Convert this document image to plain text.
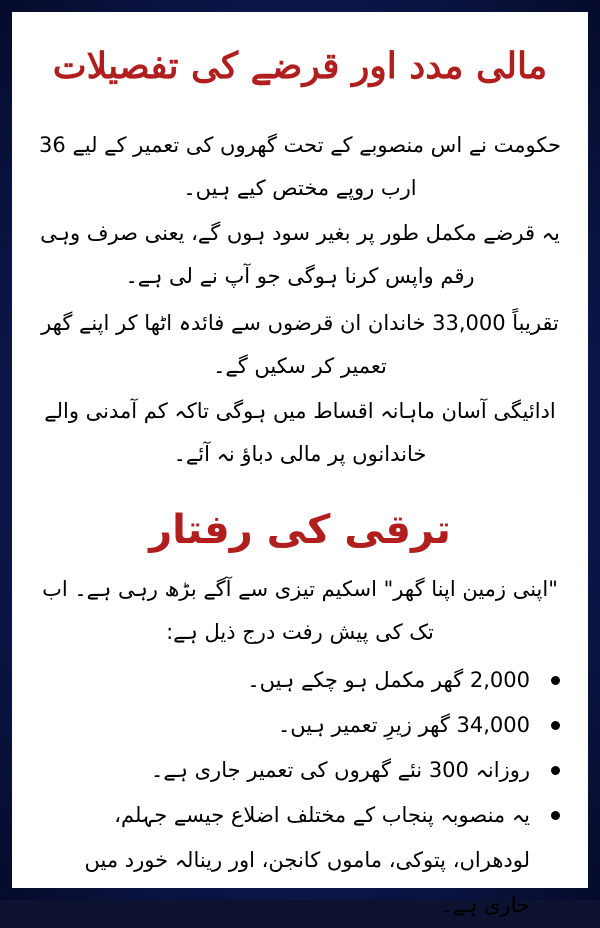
مالی مدد اور قرضے کی تفصیلات
حکومت نے اس منصوبے کے تحت گھروں کی تعمیر کے لیے 36 ارب روپے مختص کیے ہیں۔
یہ قرضے مکمل طور پر بغیر سود ہوں گے، یعنی صرف وہی رقم واپس کرنا ہوگی جو آپ نے لی ہے۔
تقریباً 33,000 خاندان ان قرضوں سے فائدہ اٹھا کر اپنے گھر تعمیر کر سکیں گے۔
ادائیگی آسان ماہانہ اقساط میں ہوگی تاکہ کم آمدنی والے خاندانوں پر مالی دباؤ نہ آئے۔
ترقی کی رفتار
"اپنی زمین اپنا گھر" اسکیم تیزی سے آگے بڑھ رہی ہے۔ اب تک کی پیش رفت درج ذیل ہے:
2,000 گھر مکمل ہو چکے ہیں۔
34,000 گھر زیرِ تعمیر ہیں۔
روزانہ 300 نئے گھروں کی تعمیر جاری ہے۔
یہ منصوبہ پنجاب کے مختلف اضلاع جیسے جہلم، لودھراں، پتوکی، ماموں کانجن، اور رینالہ خورد میں جاری ہے۔
